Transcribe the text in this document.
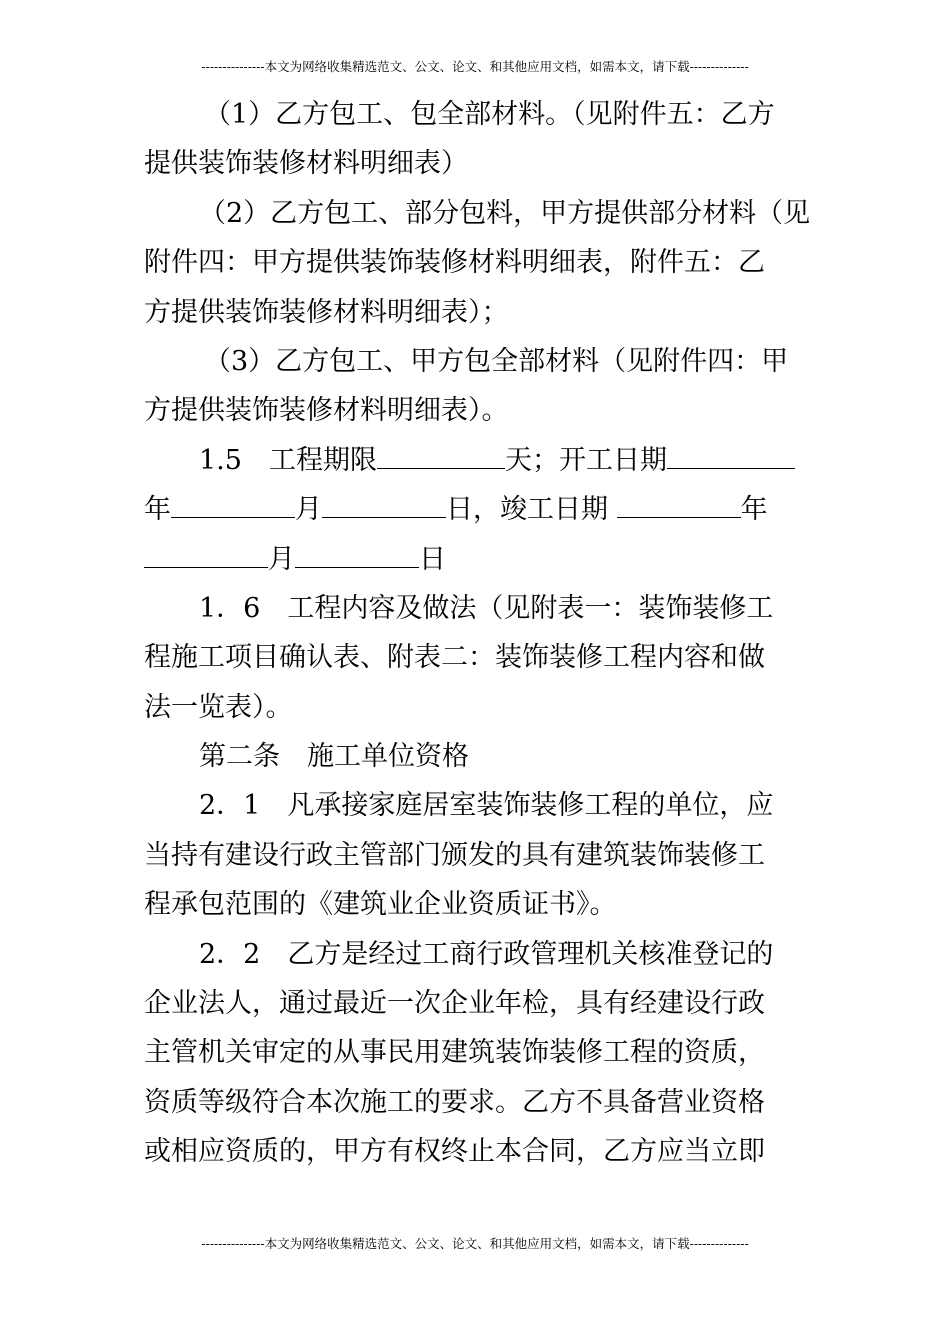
---------------本文为网络收集精选范文、公文、论文、和其他应用文档，如需本文，请下载--------------
（1）乙方包工、包全部材料。（见附件五：乙方
提供装饰装修材料明细表）
（2）乙方包工、部分包料，甲方提供部分材料（见
附件四：甲方提供装饰装修材料明细表，附件五：乙
方提供装饰装修材料明细表）；
（3）乙方包工、甲方包全部材料（见附件四：甲
方提供装饰装修材料明细表）。
1.5　工程期限	天；开工日期
年	月	日，竣工日期	年
月	日
1．6　工程内容及做法（见附表一：装饰装修工
程施工项目确认表、附表二：装饰装修工程内容和做
法一览表）。
第二条　施工单位资格
2．1　凡承接家庭居室装饰装修工程的单位，应
当持有建设行政主管部门颁发的具有建筑装饰装修工
程承包范围的《建筑业企业资质证书》。
2．2　乙方是经过工商行政管理机关核准登记的
企业法人，通过最近一次企业年检，具有经建设行政
主管机关审定的从事民用建筑装饰装修工程的资质，
资质等级符合本次施工的要求。乙方不具备营业资格
或相应资质的，甲方有权终止本合同，乙方应当立即
---------------本文为网络收集精选范文、公文、论文、和其他应用文档，如需本文，请下载--------------
